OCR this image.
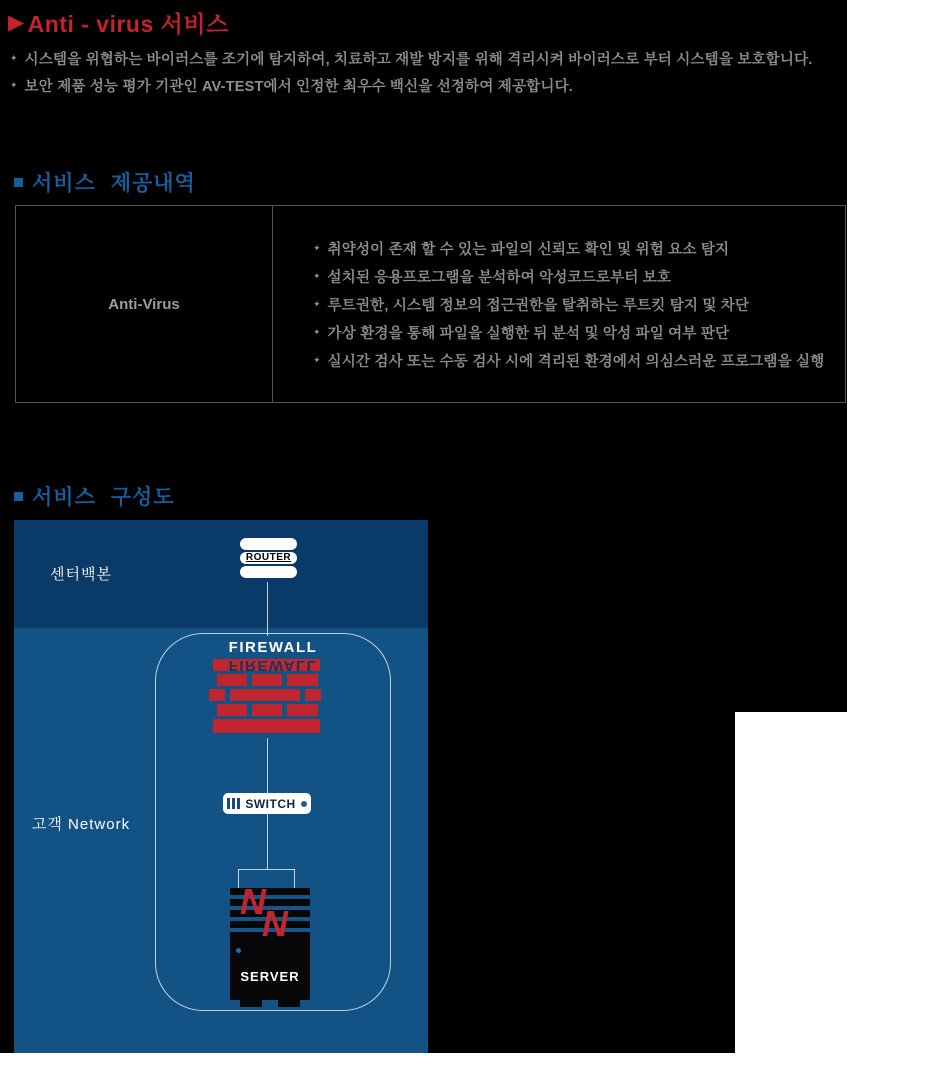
▶ Anti - virus 서비스
✦ 시스템을 위협하는 바이러스를 조기에 탐지하여, 치료하고 재발 방지를 위해 격리시켜 바이러스로 부터 시스템을 보호합니다.
✦ 보안 제품 성능 평가 기관인 AV-TEST에서 인정한 최우수 백신을 선정하여 제공합니다.
서비스 제공내역
Anti-Virus
✦ 취약성이 존재 할 수 있는 파일의 신뢰도 확인 및 위험 요소 탐지
✦ 설치된 응용프로그램을 분석하여 악성코드로부터 보호
✦ 루트권한, 시스템 정보의 접근권한을 탈취하는 루트킷 탐지 및 차단
✦ 가상 환경을 통해 파일을 실행한 뒤 분석 및 악성 파일 여부 판단
✦ 실시간 검사 또는 수동 검사 시에 격리된 환경에서 의심스러운 프로그램을 실행
서비스 구성도
센터백본
고객 Network
ROUTER
FIREWALL
FIREWALL
SWITCH
N
N
SERVER
